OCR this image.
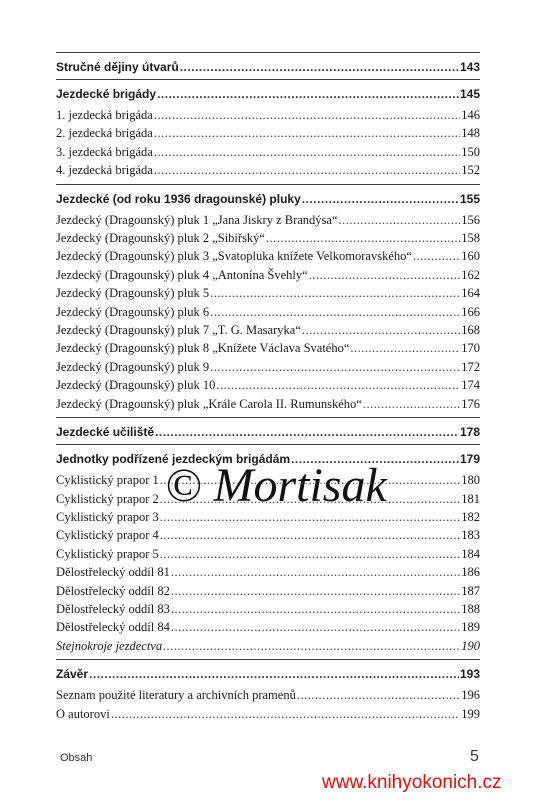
Stručné dějiny útvarů .....	143
Jezdecké brigády .....	145
1. jezdecká brigáda .....	146
2. jezdecká brigáda .....	148
3. jezdecká brigáda .....	150
4. jezdecká brigáda .....	152
Jezdecké (od roku 1936 dragounské) pluky .....	155
Jezdecký (Dragounský) pluk 1 „Jana Jiskry z Brandýsa“ .....	156
Jezdecký (Dragounský) pluk 2 „Sibiřský“ .....	158
Jezdecký (Dragounský) pluk 3 „Svatopluka knížete Velkomoravského“ .....	160
Jezdecký (Dragounský) pluk 4 „Antonína Švehly“ .....	162
Jezdecký (Dragounský) pluk 5 .....	164
Jezdecký (Dragounský) pluk 6 .....	166
Jezdecký (Dragounský) pluk 7 „T. G. Masaryka“ .....	168
Jezdecký (Dragounský) pluk 8 „Knížete Václava Svatého“ .....	170
Jezdecký (Dragounský) pluk 9 .....	172
Jezdecký (Dragounský) pluk 10 .....	174
Jezdecký (Dragounský) pluk „Krále Carola II. Rumunského“ .....	176
Jezdecké učiliště .....	178
Jednotky podřízené jezdeckým brigádám .....	179
Cyklistický prapor 1 .....	180
Cyklistický prapor 2 .....	181
Cyklistický prapor 3 .....	182
Cyklistický prapor 4 .....	183
Cyklistický prapor 5 .....	184
Dělostřelecký oddíl 81 .....	186
Dělostřelecký oddíl 82 .....	187
Dělostřelecký oddíl 83 .....	188
Dělostřelecký oddíl 84 .....	189
Stejnokroje jezdectva .....	190
Závěr .....	193
Seznam použité literatury a archivních pramenů .....	196
O autorovi .....	199
Obsah	5
© Mortisak
www.knihyokonich.cz
